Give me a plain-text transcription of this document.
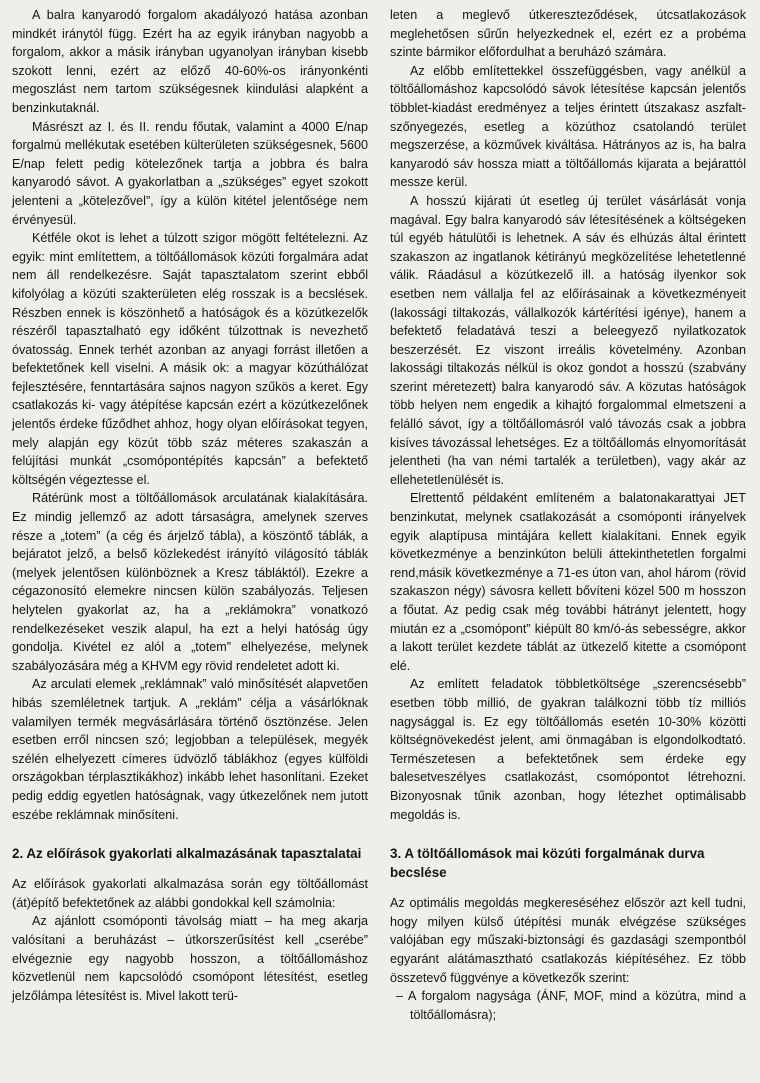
A balra kanyarodó forgalom akadályozó hatása azonban mindkét iránytól függ. Ezért ha az egyik irányban nagyobb a forgalom, akkor a másik irányban ugyanolyan irányban kisebb szokott lenni, ezért az előző 40-60%-os irányonkénti megoszlást nem tartom szükségesnek kiindulási alapként a benzinkutaknál.

Másrészt az I. és II. rendu főutak, valamint a 4000 E/nap forgalmú mellékutak esetében külterületen szükségesnek, 5600 E/nap felett pedig kötelezőnek tartja a jobbra és balra kanyarodó sávot. A gyakorlatban a „szükséges” egyet szokott jelenteni a „kötelezővel”, így a külön kitétel jelentősége nem érvényesül.

Kétféle okot is lehet a túlzott szigor mögött feltételezni. Az egyik: mint említettem, a töltőállomások közúti forgalmára adat nem áll rendelkezésre. Saját tapasztalatom szerint ebből kifolyólag a közúti szakterületen elég rosszak is a becslések. Részben ennek is köszönhető a hatóságok és a közútkezelők részéről tapasztalható egy időként túlzottnak is nevezhető óvatosság. Ennek terhét azonban az anyagi forrást illetően a befektetőnek kell viselni. A másik ok: a magyar közúthálózat fejlesztésére, fenntartására sajnos nagyon szűkös a keret. Egy csatlakozás ki- vagy átépítése kapcsán ezért a közútkezelőnek jelentős érdeke fűződhet ahhoz, hogy olyan előírásokat tegyen, mely alapján egy közút több száz méteres szakaszán a felújítási munkát „csomópontépítés kapcsán” a befektető költségén végeztesse el.

Rátérünk most a töltőállomások arculatának kialakítására. Ez mindig jellemző az adott társaságra, amelynek szerves része a „totem” (a cég és árjelző tábla), a köszöntő táblák, a bejáratot jelző, a belső közlekedést irányító világosító táblák (melyek jelentősen különböznek a Kresz tábláktól). Ezekre a cégazonosító elemekre nincsen külön szabályozás. Teljesen helytelen gyakorlat az, ha a „reklámokra” vonatkozó rendelkezéseket veszik alapul, ha ezt a helyi hatóság úgy gondolja. Kivétel ez alól a „totem” elhelyezése, melynek szabályozására még a KHVM egy rövid rendeletet adott ki.

Az arculati elemek „reklámnak” való minősítését alapvetően hibás szemléletnek tartjuk. A „reklám” célja a vásárlóknak valamilyen termék megvásárlására történő ösztönzése. Jelen esetben erről nincsen szó; legjobban a települések, megyék szélén elhelyezett címeres üdvözlő táblákhoz (egyes külföldi országokban térplasztikákhoz) inkább lehet hasonlítani. Ezeket pedig eddig egyetlen hatóságnak, vagy útkezelőnek nem jutott eszébe reklámnak minősíteni.

2. Az előírások gyakorlati alkalmazásának tapasztalatai

Az előírások gyakorlati alkalmazása során egy töltőállomást (át)építő befektetőnek az alábbi gondokkal kell számolnia:

Az ajánlott csomóponti távolság miatt – ha meg akarja valósítani a beruházást – útkorszerűsítést kell „cserébe” elvégeznie egy nagyobb hosszon, a töltőállomáshoz közvetlenül nem kapcsolódó csomópont létesítést, esetleg jelzőlámpa létesítést is. Mivel lakott terü-

leten a meglevő útkereszteződések, útcsatlakozások meglehetősen sűrűn helyezkednek el, ezért ez a probéma szinte bármikor előfordulhat a beruházó számára.

Az előbb említettekkel összefüggésben, vagy anélkül a töltőállomáshoz kapcsolódó sávok létesítése kapcsán jelentős többlet-kiadást eredményez a teljes érintett útszakasz aszfalt-szőnyegezés, esetleg a közúthoz csatolandó terület megszerzése, a közművek kiváltása. Hátrányos az is, ha balra kanyarodó sáv hossza miatt a töltőállomás kijarata a bejárattól messze kerül.

A hosszú kijárati út esetleg új terület vásárlását vonja magával. Egy balra kanyarodó sáv létesítésének a költségeken túl egyéb hátulütői is lehetnek. A sáv és elhúzás által érintett szakaszon az ingatlanok kétirányú megközelítése lehetetlenné válik. Ráadásul a közútkezelő ill. a hatóság ilyenkor sok esetben nem vállalja fel az előírásainak a következményeit (lakossági tiltakozás, vállalkozók kártérítési igénye), hanem a befektető feladatává teszi a beleegyező nyilatkozatok beszerzését. Ez viszont irreális követelmény. Azonban lakossági tiltakozás nélkül is okoz gondot a hosszú (szabvány szerint méretezett) balra kanyarodó sáv. A közutas hatóságok több helyen nem engedik a kihajtó forgalommal elmetszeni a felálló sávot, így a töltőállomásról való távozás csak a jobbra kisíves távozással lehetséges. Ez a töltőállomás elnyomorítását jelentheti (ha van némi tartalék a területben), vagy akár az ellehetetlenülését is.

Elrettentő példaként említeném a balatonakarattyai JET benzinkutat, melynek csatlakozását a csomóponti irányelvek egyik alaptípusa mintájára kellett kialakítani. Ennek egyik következménye a benzinkúton belüli áttekinthetetlen forgalmi rend,másik következménye a 71-es úton van, ahol három (rövid szakaszon négy) sávosra kellett bővíteni közel 500 m hosszon a főutat. Az pedig csak még további hátrányt jelentett, hogy miután ez a „csomópont” kiépült 80 km/ó-ás sebességre, akkor a lakott terület kezdete táblát az ütkezelő kitette a csomópont elé.

Az említett feladatok többletköltsége „szerencsésebb” esetben több millió, de gyakran találkozni több tíz milliós nagysággal is. Ez egy töltőállomás esetén 10-30% közötti költségnövekedést jelent, ami önmagában is elgondolkodtató. Természetesen a befektetőnek sem érdeke egy balesetveszélyes csatlakozást, csomópontot létrehozni. Bizonyosnak tűnik azonban, hogy létezhet optimálisabb megoldás is.

3. A töltőállomások mai közúti forgalmának durva becslése

Az optimális megoldás megkereséséhez először azt kell tudni, hogy milyen külső útépítési munák elvégzése szükséges valójában egy műszaki-biztonsági és gazdasági szempontból egyaránt alátámasztható csatlakozás kiépítéséhez. Ez több összetevő függvénye a következők szerint:

– A forgalom nagysága (ÁNF, MOF, mind a közútra, mind a töltőállomásra);
